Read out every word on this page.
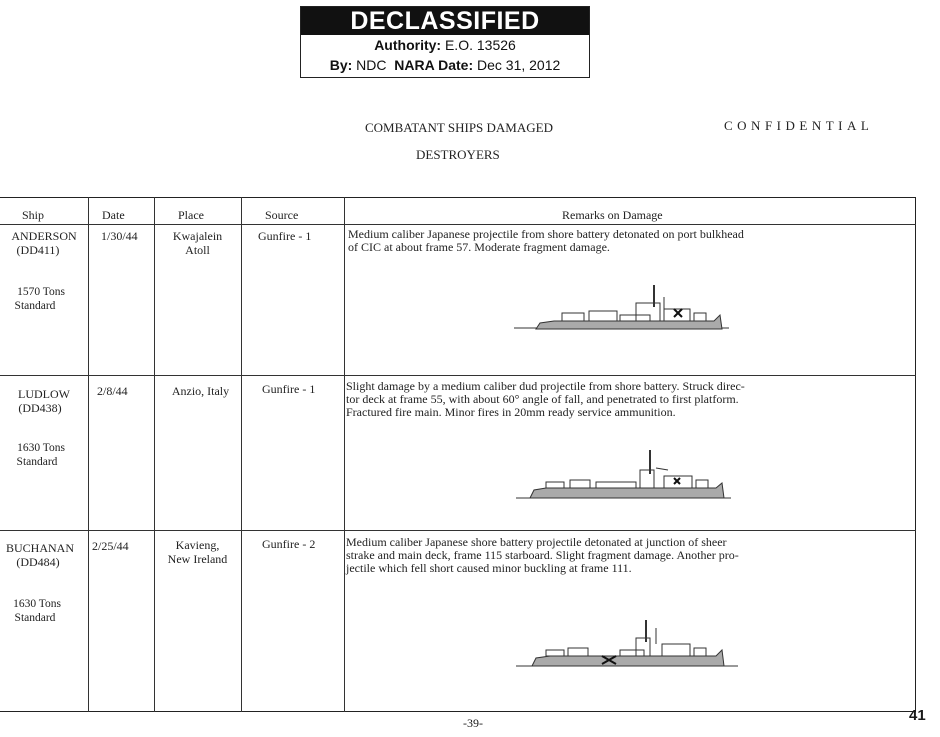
DECLASSIFIED
Authority: E.O. 13526
By: NDC NARA Date: Dec 31, 2012
COMBATANT SHIPS DAMAGED	CONFIDENTIAL
DESTROYERS
Ship	Date	Place	Source	Remarks on Damage
ANDERSON
(DD411)
1570 Tons
Standard
1/30/44	Kwajalein
Atoll
Gunfire - 1	Medium caliber Japanese projectile from shore battery detonated on port bulkhead
of CIC at about frame 57. Moderate fragment damage.
LUDLOW
(DD438)
1630 Tons
Standard
2/8/44	Anzio, Italy	Gunfire - 1	Slight damage by a medium caliber dud projectile from shore battery. Struck direc-
tor deck at frame 55, with about 60° angle of fall, and penetrated to first platform.
Fractured fire main. Minor fires in 20mm ready service ammunition.
BUCHANAN
(DD484)
1630 Tons
Standard
2/25/44	Kavieng,
New Ireland
Gunfire - 2	Medium caliber Japanese shore battery projectile detonated at junction of sheer
strake and main deck, frame 115 starboard. Slight fragment damage. Another pro-
jectile which fell short caused minor buckling at frame 111.
-39-	41
